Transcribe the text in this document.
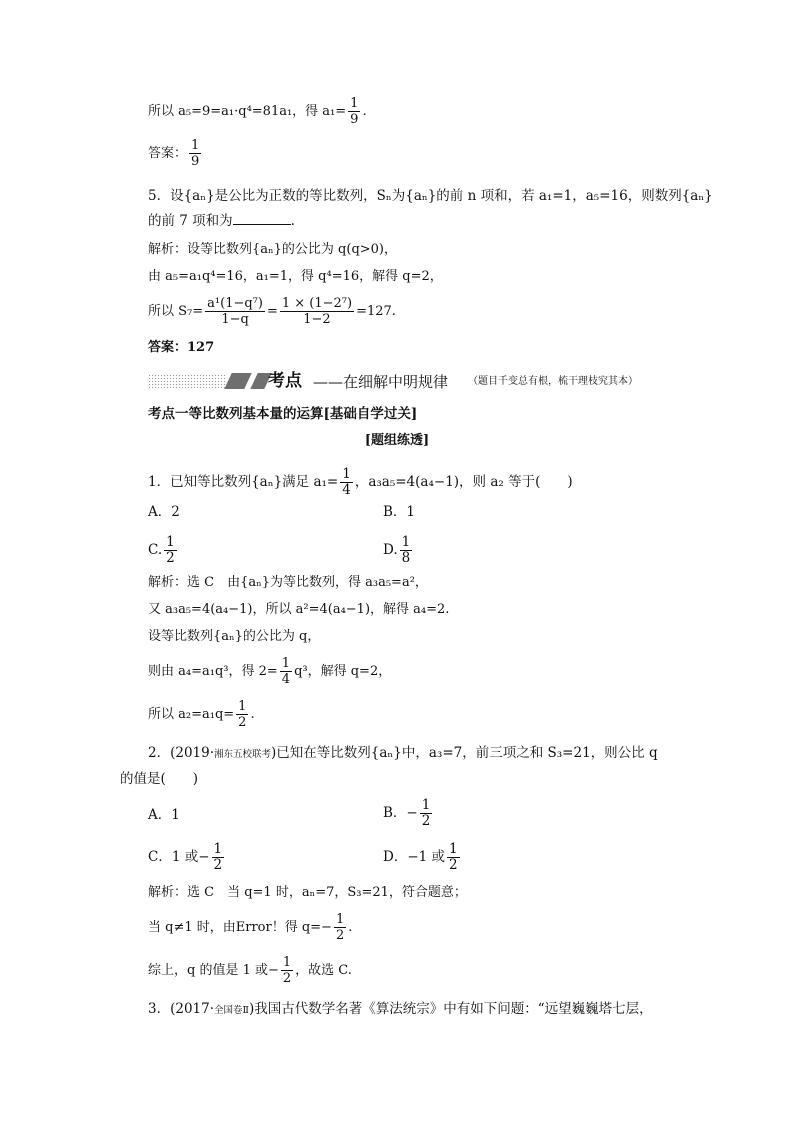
所以 a₅=9=a₁·q⁴=81a₁，得 $a_1= \frac{1}{9}$ .
答案： $\frac{1}{9}$
5．设{aₙ}是公比为正数的等比数列，Sₙ为{aₙ}的前 n 项和，若 a₁=1，a₅=16，则数列{aₙ}
的前 7 项和为	.
解析：设等比数列{aₙ}的公比为 q(q>0)，
由 a₅=a₁q⁴=16，a₁=1，得 q⁴=16，解得 q=2，
所以 $S_7= \frac{\text{a¹(1−q⁷)}}{1-q} = \frac{\text{1 × (1−2⁷)}}{1-2} =127$.
答案：127
考点 ——在细解中明规律 （题目千变总有根，梳干理枝究其本）
考点一等比数列基本量的运算[基础自学过关]
[题组练透]
1．已知等比数列{aₙ}满足 $a_1= \frac{1}{4}$ ，a₃a₅=4(a₄−1)，则 a₂ 等于(　　)
A．2	B．1
C. $\frac{1}{2}$	D. $\frac{1}{8}$
解析：选 C　由{aₙ}为等比数列，得 a₃a₅=a²，
又 a₃a₅=4(a₄−1)，所以 a²=4(a₄−1)，解得 a₄=2.
设等比数列{aₙ}的公比为 q，
则由 a₄=a₁q³，得 $2= \frac{1}{4} q^3$，解得 q=2，
所以 $a_2=a_1q= \frac{1}{2}$ .
2．(2019·湘东五校联考)已知在等比数列{aₙ}中，a₃=7，前三项之和 S₃=21，则公比 q
的值是(　　)
A．1	B．− $\frac{1}{2}$
C．1 或− $\frac{1}{2}$	D．−1 或 $\frac{1}{2}$
解析：选 C　当 q=1 时，aₙ=7，S₃=21，符合题意；
当 q≠1 时，由Error！得 $q=- \frac{1}{2}$ .
综上，q 的值是 1 或− $\frac{1}{2}$ ，故选 C.
3．(2017·全国卷Ⅱ)我国古代数学名著《算法统宗》中有如下问题：“远望巍巍塔七层，
